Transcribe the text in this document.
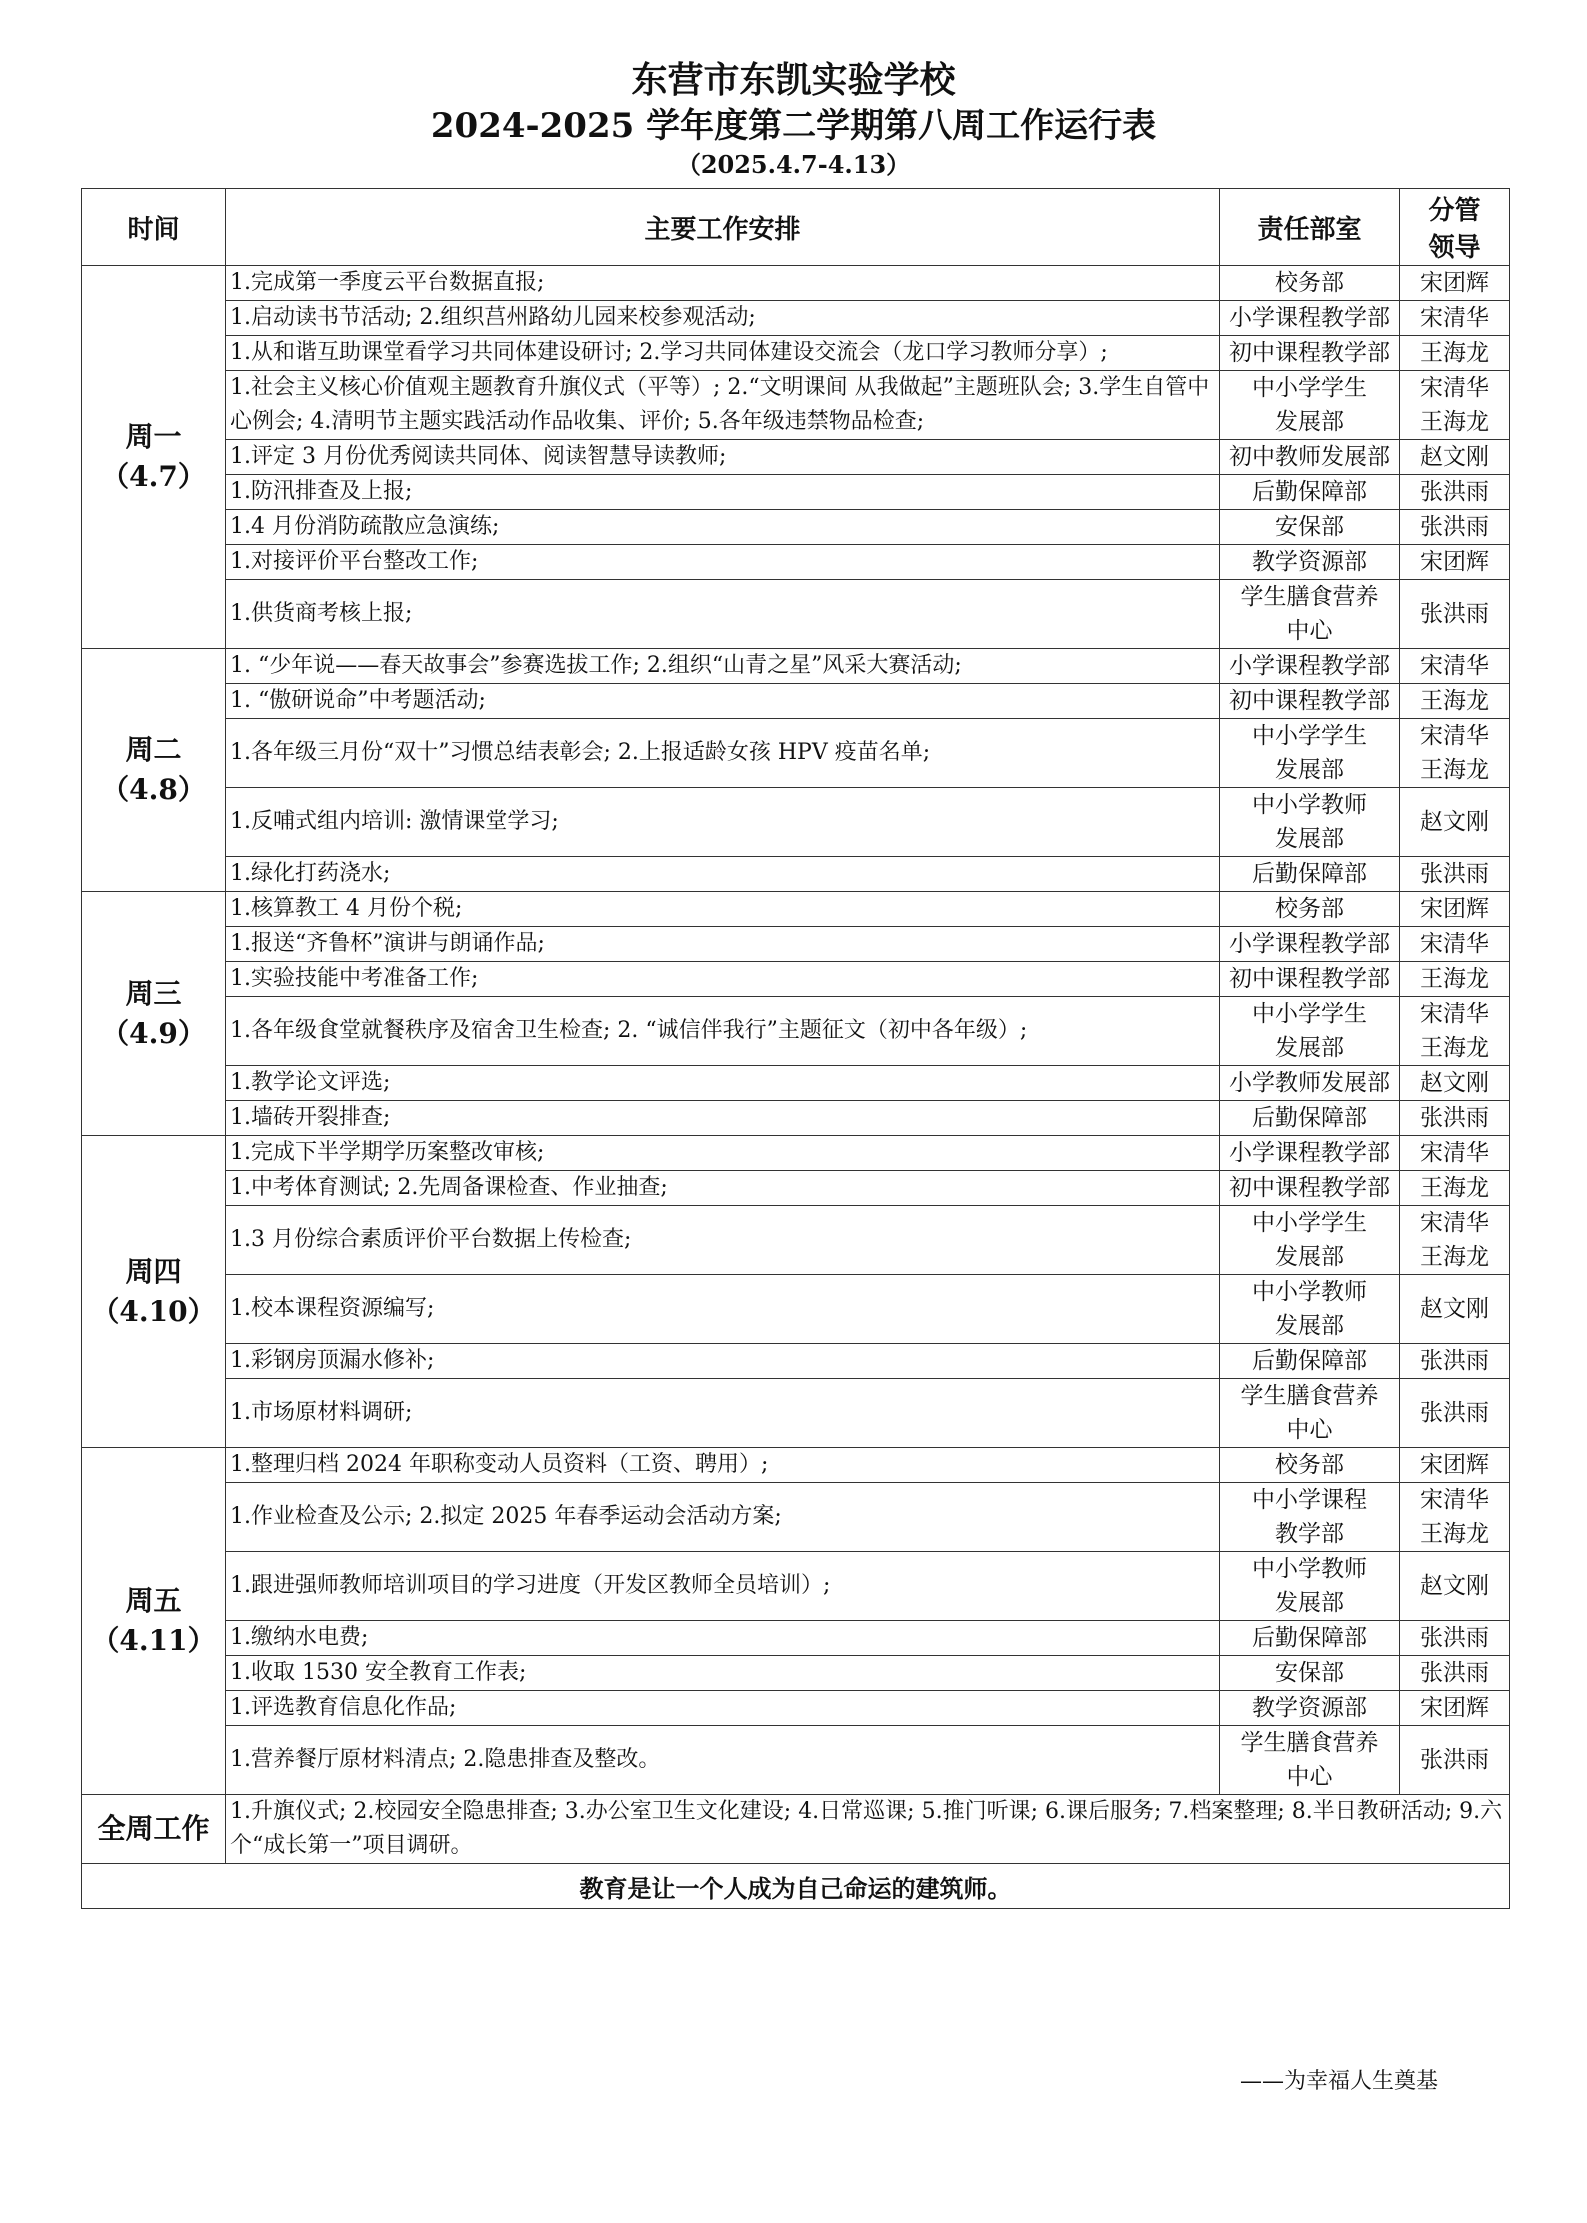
东营市东凯实验学校
2024-2025 学年度第二学期第八周工作运行表
（2025.4.7-4.13）
时间	主要工作安排	责任部室	分管
领导

周一
（4.7）	1.完成第一季度云平台数据直报;	校务部	宋团辉

	1.启动读书节活动; 2.组织莒州路幼儿园来校参观活动;	小学课程教学部	宋清华

	1.从和谐互助课堂看学习共同体建设研讨; 2.学习共同体建设交流会（龙口学习教师分享）;	初中课程教学部	王海龙

	1.社会主义核心价值观主题教育升旗仪式（平等）; 2.“文明课间 从我做起”主题班队会; 3.学生自管中心例会; 4.清明节主题实践活动作品收集、评价; 5.各年级违禁物品检查;	中小学学生
发展部	宋清华
王海龙

	1.评定 3 月份优秀阅读共同体、阅读智慧导读教师;	初中教师发展部	赵文刚

	1.防汛排查及上报;	后勤保障部	张洪雨

	1.4 月份消防疏散应急演练;	安保部	张洪雨

	1.对接评价平台整改工作;	教学资源部	宋团辉

	1.供货商考核上报;	学生膳食营养
中心	张洪雨

周二
（4.8）	1. “少年说——春天故事会”参赛选拔工作; 2.组织“山青之星”风采大赛活动;	小学课程教学部	宋清华

	1. “傲研说命”中考题活动;	初中课程教学部	王海龙

	1.各年级三月份“双十”习惯总结表彰会; 2.上报适龄女孩 HPV 疫苗名单;	中小学学生
发展部	宋清华
王海龙

	1.反哺式组内培训: 激情课堂学习;	中小学教师
发展部	赵文刚

	1.绿化打药浇水;	后勤保障部	张洪雨

周三
（4.9）	1.核算教工 4 月份个税;	校务部	宋团辉

	1.报送“齐鲁杯”演讲与朗诵作品;	小学课程教学部	宋清华

	1.实验技能中考准备工作;	初中课程教学部	王海龙

	1.各年级食堂就餐秩序及宿舍卫生检查; 2. “诚信伴我行”主题征文（初中各年级）;	中小学学生
发展部	宋清华
王海龙

	1.教学论文评选;	小学教师发展部	赵文刚

	1.墙砖开裂排查;	后勤保障部	张洪雨

周四
（4.10）	1.完成下半学期学历案整改审核;	小学课程教学部	宋清华

	1.中考体育测试; 2.先周备课检查、作业抽查;	初中课程教学部	王海龙

	1.3 月份综合素质评价平台数据上传检查;	中小学学生
发展部	宋清华
王海龙

	1.校本课程资源编写;	中小学教师
发展部	赵文刚

	1.彩钢房顶漏水修补;	后勤保障部	张洪雨

	1.市场原材料调研;	学生膳食营养
中心	张洪雨

周五
（4.11）	1.整理归档 2024 年职称变动人员资料（工资、聘用）;	校务部	宋团辉

	1.作业检查及公示; 2.拟定 2025 年春季运动会活动方案;	中小学课程
教学部	宋清华
王海龙

	1.跟进强师教师培训项目的学习进度（开发区教师全员培训）;	中小学教师
发展部	赵文刚

	1.缴纳水电费;	后勤保障部	张洪雨

	1.收取 1530 安全教育工作表;	安保部	张洪雨

	1.评选教育信息化作品;	教学资源部	宋团辉

	1.营养餐厅原材料清点; 2.隐患排查及整改。	学生膳食营养
中心	张洪雨

全周工作	1.升旗仪式; 2.校园安全隐患排查; 3.办公室卫生文化建设; 4.日常巡课; 5.推门听课; 6.课后服务; 7.档案整理; 8.半日教研活动; 9.六个“成长第一”项目调研。		
教育是让一个人成为自己命运的建筑师。			
——为幸福人生奠基
